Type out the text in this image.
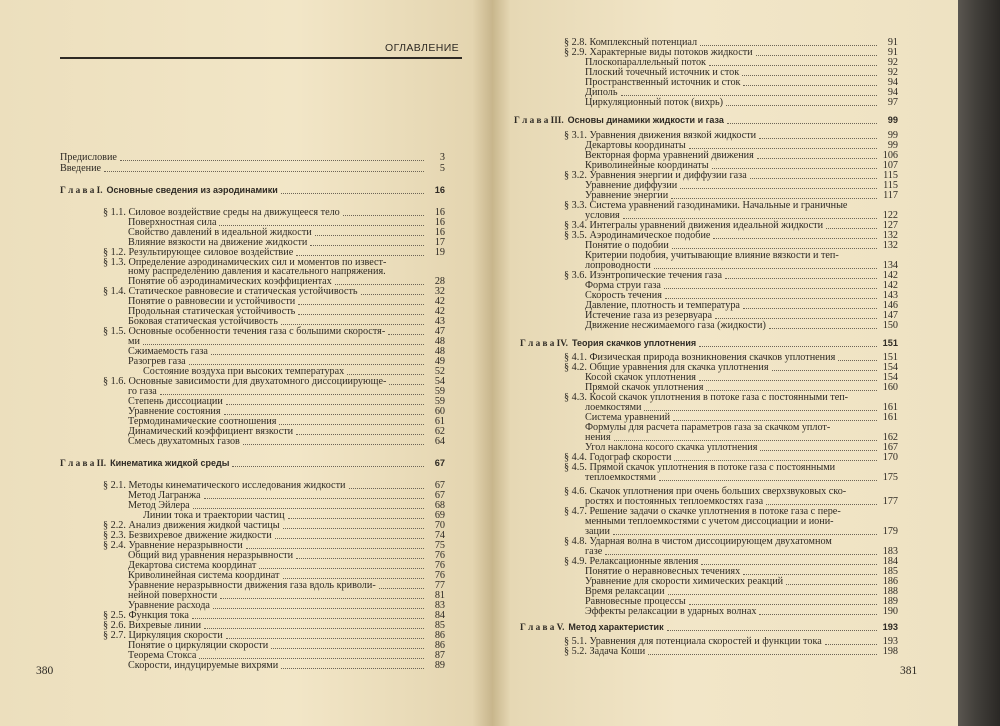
ОГЛАВЛЕНИЕ
Предисловие	3
Введение	5
Г л а в а I. Основные сведения из аэродинамики	16
§ 1.1. Силовое воздействие среды на движущееся тело	16
Поверхностная сила	16
Свойство давлений в идеальной жидкости	16
Влияние вязкости на движение жидкости	17
§ 1.2. Результирующее силовое воздействие	19
§ 1.3. Определение аэродинамических сил и моментов по извест-
ному распределению давления и касательного напряжения.
Понятие об аэродинамических коэффициентах	28
§ 1.4. Статическое равновесие и статическая устойчивость	32
Понятие о равновесии и устойчивости	42
Продольная статическая устойчивость	42
Боковая статическая устойчивость	43
§ 1.5. Основные особенности течения газа с большими скоростя-	47
ми	48
Сжимаемость газа	48
Разогрев газа	49
Состояние воздуха при высоких температурах	52
§ 1.6. Основные зависимости для двухатомного диссоциирующе-	54
го газа	59
Степень диссоциации	59
Уравнение состояния	60
Термодинамические соотношения	61
Динамический коэффициент вязкости	62
Смесь двухатомных газов	64
Г л а в а II. Кинематика жидкой среды	67
§ 2.1. Методы кинематического исследования жидкости	67
Метод Лагранжа	67
Метод Эйлера	68
Линии тока и траектории частиц	69
§ 2.2. Анализ движения жидкой частицы	70
§ 2.3. Безвихревое движение жидкости	74
§ 2.4. Уравнение неразрывности	75
Общий вид уравнения неразрывности	76
Декартова система координат	76
Криволинейная система координат	76
Уравнение неразрывности движения газа вдоль криволи-	77
нейной поверхности	81
Уравнение расхода	83
§ 2.5. Функция тока	84
§ 2.6. Вихревые линии	85
§ 2.7. Циркуляция скорости	86
Понятие о циркуляции скорости	86
Теорема Стокса	87
Скорости, индуцируемые вихрями	89
380
§ 2.8. Комплексный потенциал	91
§ 2.9. Характерные виды потоков жидкости	91
Плоскопараллельный поток	92
Плоский точечный источник и сток	92
Пространственный источник и сток	94
Диполь	94
Циркуляционный поток (вихрь)	97
Г л а в а III. Основы динамики жидкости и газа	99
§ 3.1. Уравнения движения вязкой жидкости	99
Декартовы координаты	99
Векторная форма уравнений движения	106
Криволинейные координаты	107
§ 3.2. Уравнения энергии и диффузии газа	115
Уравнение диффузии	115
Уравнение энергии	117
§ 3.3. Система уравнений газодинамики. Начальные и граничные
условия	122
§ 3.4. Интегралы уравнений движения идеальной жидкости	127
§ 3.5. Аэродинамическое подобие	132
Понятие о подобии	132
Критерии подобия, учитывающие влияние вязкости и теп-
лопроводности	134
§ 3.6. Изэнтропические течения газа	142
Форма струи газа	142
Скорость течения	143
Давление, плотность и температура	146
Истечение газа из резервуара	147
Движение несжимаемого газа (жидкости)	150
Г л а в а IV. Теория скачков уплотнения	151
§ 4.1. Физическая природа возникновения скачков уплотнения	151
§ 4.2. Общие уравнения для скачка уплотнения	154
Косой скачок уплотнения	154
Прямой скачок уплотнения	160
§ 4.3. Косой скачок уплотнения в потоке газа с постоянными теп-
лоемкостями	161
Система уравнений	161
Формулы для расчета параметров газа за скачком уплот-
нения	162
Угол наклона косого скачка уплотнения	167
§ 4.4. Годограф скорости	170
§ 4.5. Прямой скачок уплотнения в потоке газа с постоянными
теплоемкостями	175
§ 4.6. Скачок уплотнения при очень больших сверхзвуковых ско-
ростях и постоянных теплоемкостях газа	177
§ 4.7. Решение задачи о скачке уплотнения в потоке газа с пере-
менными теплоемкостями с учетом диссоциации и иони-
зации	179
§ 4.8. Ударная волна в чистом диссоциирующем двухатомном
газе	183
§ 4.9. Релаксационные явления	184
Понятие о неравновесных течениях	185
Уравнение для скорости химических реакций	186
Время релаксации	188
Равновесные процессы	189
Эффекты релаксации в ударных волнах	190
Г л а в а V. Метод характеристик	193
§ 5.1. Уравнения для потенциала скоростей и функции тока	193
§ 5.2. Задача Коши	198
381
